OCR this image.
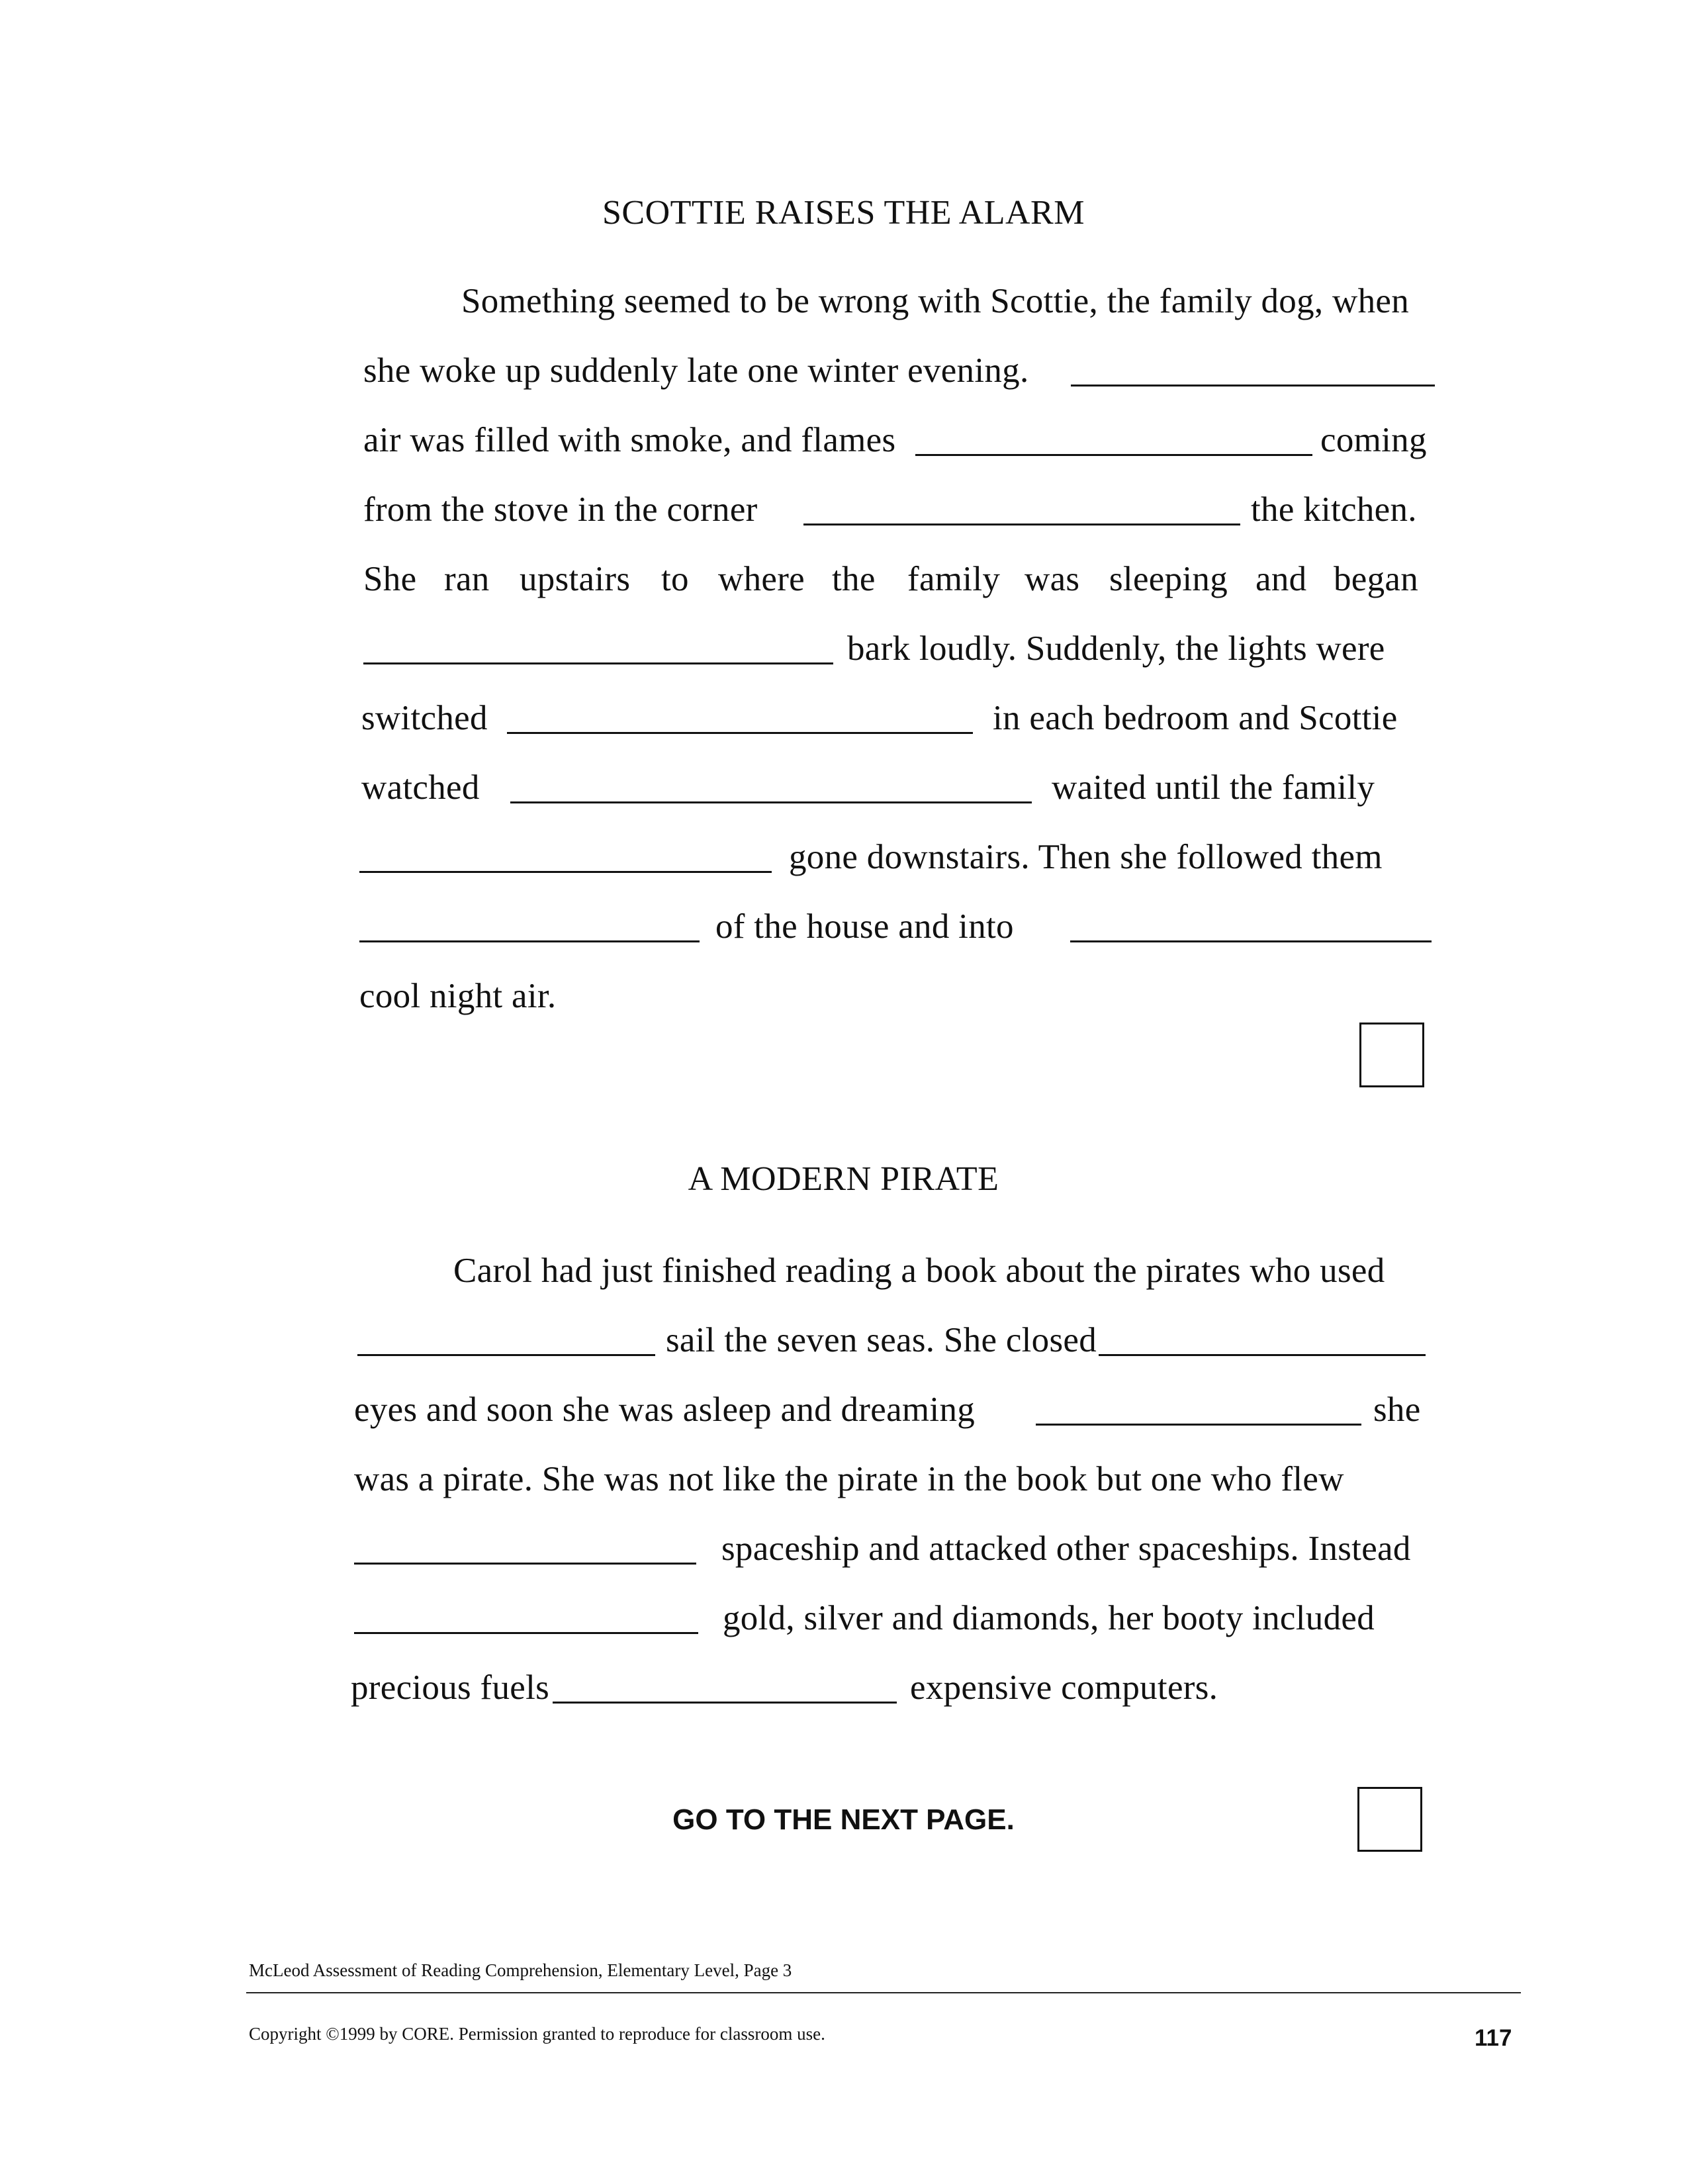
SCOTTIE RAISES THE ALARM
Something seemed to be wrong with Scottie, the family dog, when
she woke up suddenly late one winter evening.
air was filled with smoke, and flames	coming
from the stove in the corner	the kitchen.
She ran upstairs to where the family was sleeping and began
bark loudly. Suddenly, the lights were
switched	in each bedroom and Scottie
watched	waited until the family
gone downstairs. Then she followed them
of the house and into
cool night air.
A MODERN PIRATE
Carol had just finished reading a book about the pirates who used
sail the seven seas. She closed
eyes and soon she was asleep and dreaming	she
was a pirate. She was not like the pirate in the book but one who flew
spaceship and attacked other spaceships. Instead
gold, silver and diamonds, her booty included
precious fuels	expensive computers.
GO TO THE NEXT PAGE.
McLeod Assessment of Reading Comprehension, Elementary Level, Page 3
Copyright ©1999 by CORE. Permission granted to reproduce for classroom use.	117
